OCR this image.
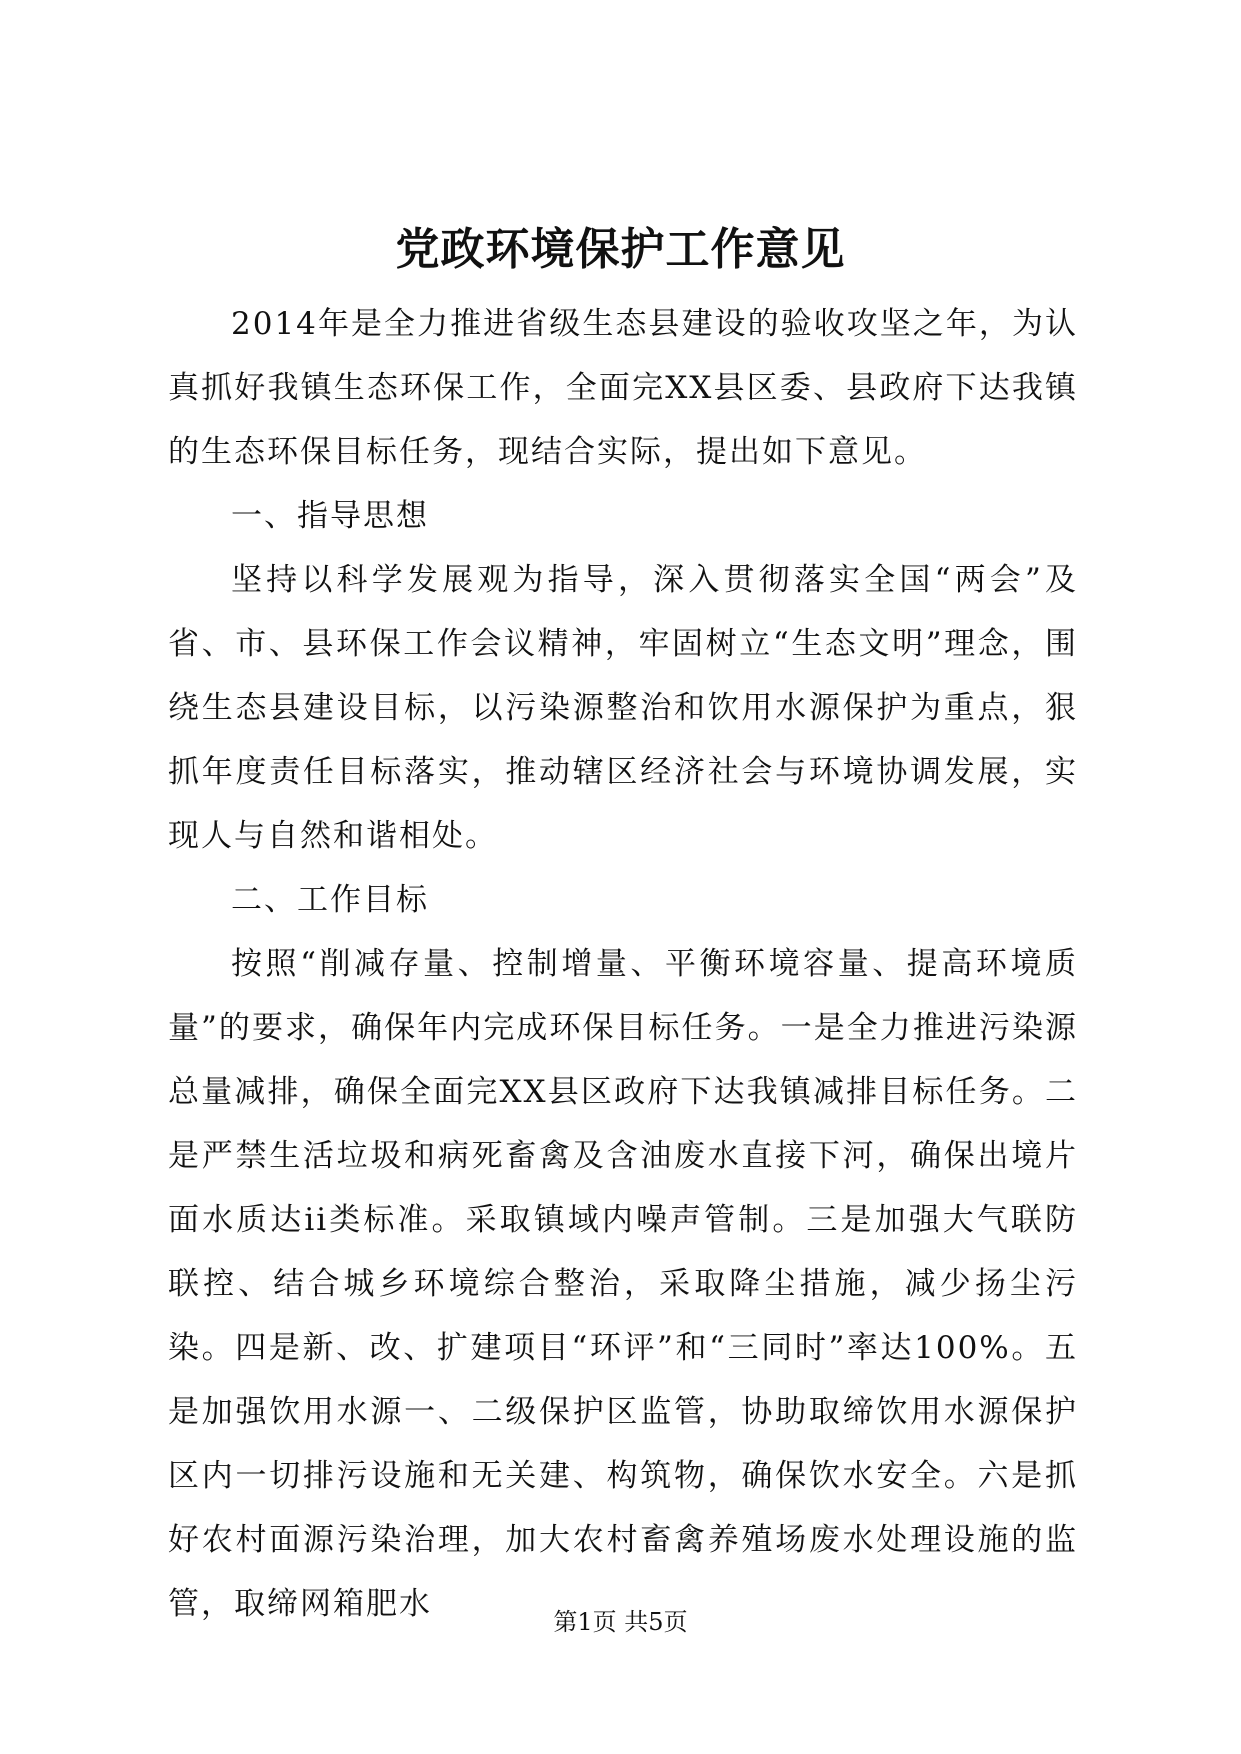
党政环境保护工作意见

2014年是全力推进省级生态县建设的验收攻坚之年，为认真抓好我镇生态环保工作，全面完XX县区委、县政府下达我镇的生态环保目标任务，现结合实际，提出如下意见。

一、指导思想

坚持以科学发展观为指导，深入贯彻落实全国“两会”及省、市、县环保工作会议精神，牢固树立“生态文明”理念，围绕生态县建设目标，以污染源整治和饮用水源保护为重点，狠抓年度责任目标落实，推动辖区经济社会与环境协调发展，实现人与自然和谐相处。

二、工作目标

按照“削减存量、控制增量、平衡环境容量、提高环境质量”的要求，确保年内完成环保目标任务。一是全力推进污染源总量减排，确保全面完XX县区政府下达我镇减排目标任务。二是严禁生活垃圾和病死畜禽及含油废水直接下河，确保出境片面水质达ii类标准。采取镇域内噪声管制。三是加强大气联防联控、结合城乡环境综合整治，采取降尘措施，减少扬尘污染。四是新、改、扩建项目“环评”和“三同时”率达100%。五是加强饮用水源一、二级保护区监管，协助取缔饮用水源保护区内一切排污设施和无关建、构筑物，确保饮水安全。六是抓好农村面源污染治理，加大农村畜禽养殖场废水处理设施的监管，取缔网箱肥水	第1页 共5页
